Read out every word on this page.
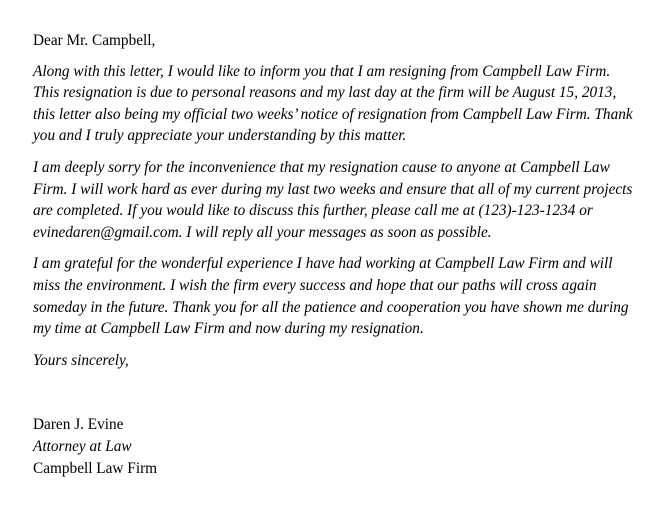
Dear Mr. Campbell,

Along with this letter, I would like to inform you that I am resigning from Campbell Law Firm. This resignation is due to personal reasons and my last day at the firm will be August 15, 2013, this letter also being my official two weeks’ notice of resignation from Campbell Law Firm. Thank you and I truly appreciate your understanding by this matter.

I am deeply sorry for the inconvenience that my resignation cause to anyone at Campbell Law Firm. I will work hard as ever during my last two weeks and ensure that all of my current projects are completed. If you would like to discuss this further, please call me at (123)-123-1234 or evinedaren@gmail.com. I will reply all your messages as soon as possible.

I am grateful for the wonderful experience I have had working at Campbell Law Firm and will miss the environment. I wish the firm every success and hope that our paths will cross again someday in the future. Thank you for all the patience and cooperation you have shown me during my time at Campbell Law Firm and now during my resignation.

Yours sincerely,

Daren J. Evine

Attorney at Law

Campbell Law Firm
